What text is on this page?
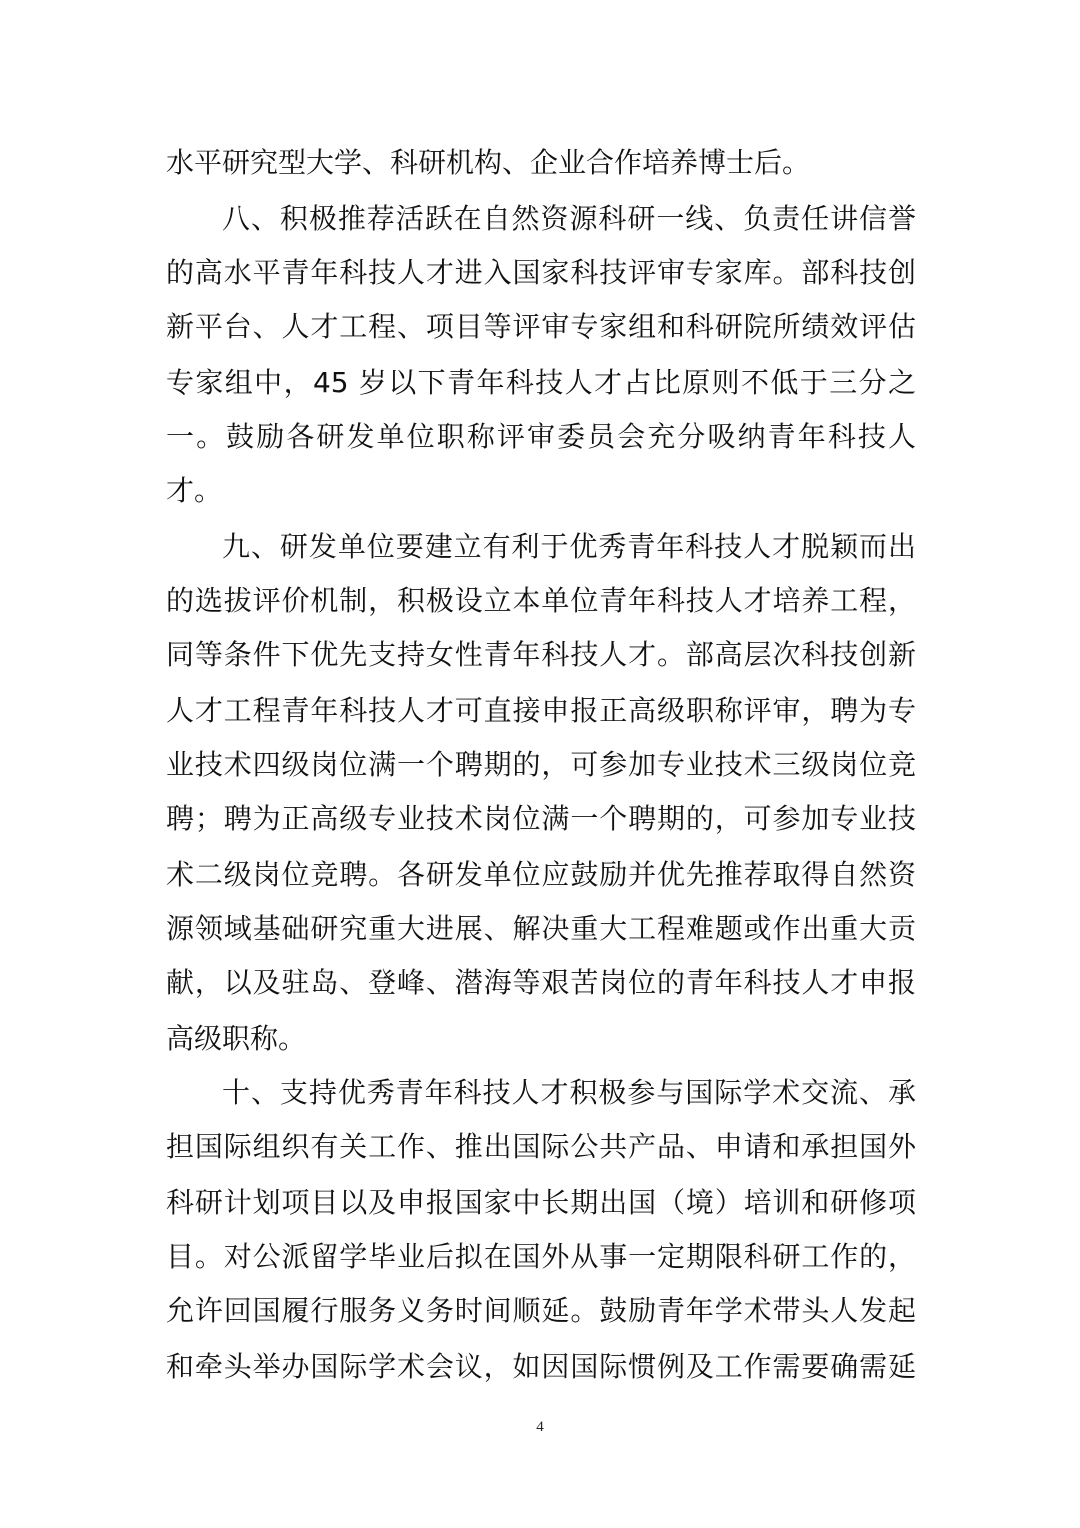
水平研究型大学、科研机构、企业合作培养博士后。
八、积极推荐活跃在自然资源科研一线、负责任讲信誉
的高水平青年科技人才进入国家科技评审专家库。部科技创
新平台、人才工程、项目等评审专家组和科研院所绩效评估
专家组中，45 岁以下青年科技人才占比原则不低于三分之
一。鼓励各研发单位职称评审委员会充分吸纳青年科技人
才。
九、研发单位要建立有利于优秀青年科技人才脱颖而出
的选拔评价机制，积极设立本单位青年科技人才培养工程，
同等条件下优先支持女性青年科技人才。部高层次科技创新
人才工程青年科技人才可直接申报正高级职称评审，聘为专
业技术四级岗位满一个聘期的，可参加专业技术三级岗位竞
聘；聘为正高级专业技术岗位满一个聘期的，可参加专业技
术二级岗位竞聘。各研发单位应鼓励并优先推荐取得自然资
源领域基础研究重大进展、解决重大工程难题或作出重大贡
献，以及驻岛、登峰、潜海等艰苦岗位的青年科技人才申报
高级职称。
十、支持优秀青年科技人才积极参与国际学术交流、承
担国际组织有关工作、推出国际公共产品、申请和承担国外
科研计划项目以及申报国家中长期出国（境）培训和研修项
目。对公派留学毕业后拟在国外从事一定期限科研工作的，
允许回国履行服务义务时间顺延。鼓励青年学术带头人发起
和牵头举办国际学术会议，如因国际惯例及工作需要确需延
4
